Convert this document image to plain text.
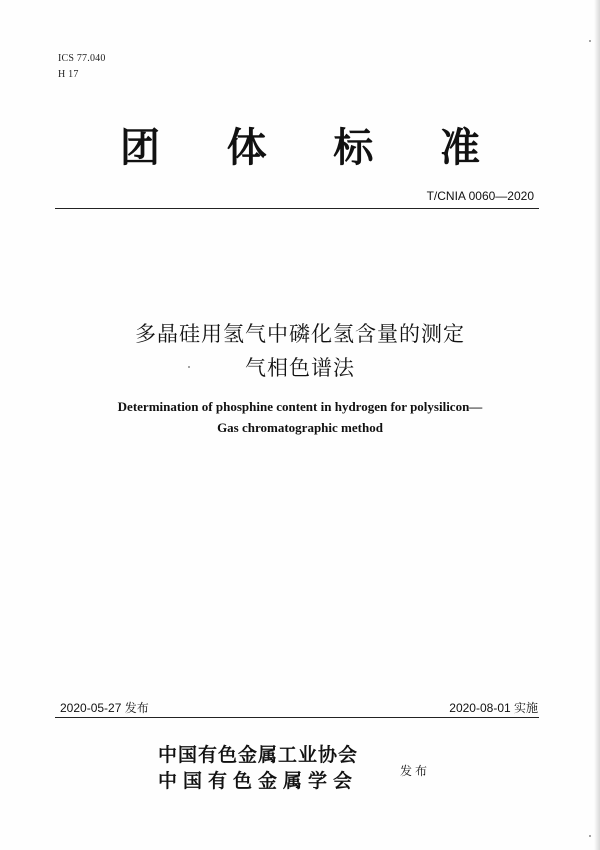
ICS 77.040
H 17
团 体 标 准
T/CNIA 0060—2020
多晶硅用氢气中磷化氢含量的测定
气相色谱法
Determination of phosphine content in hydrogen for polysilicon—
Gas chromatographic method
2020-05-27 发布	2020-08-01 实施
中国有色金属工业协会
中国有色金属学会	发布
